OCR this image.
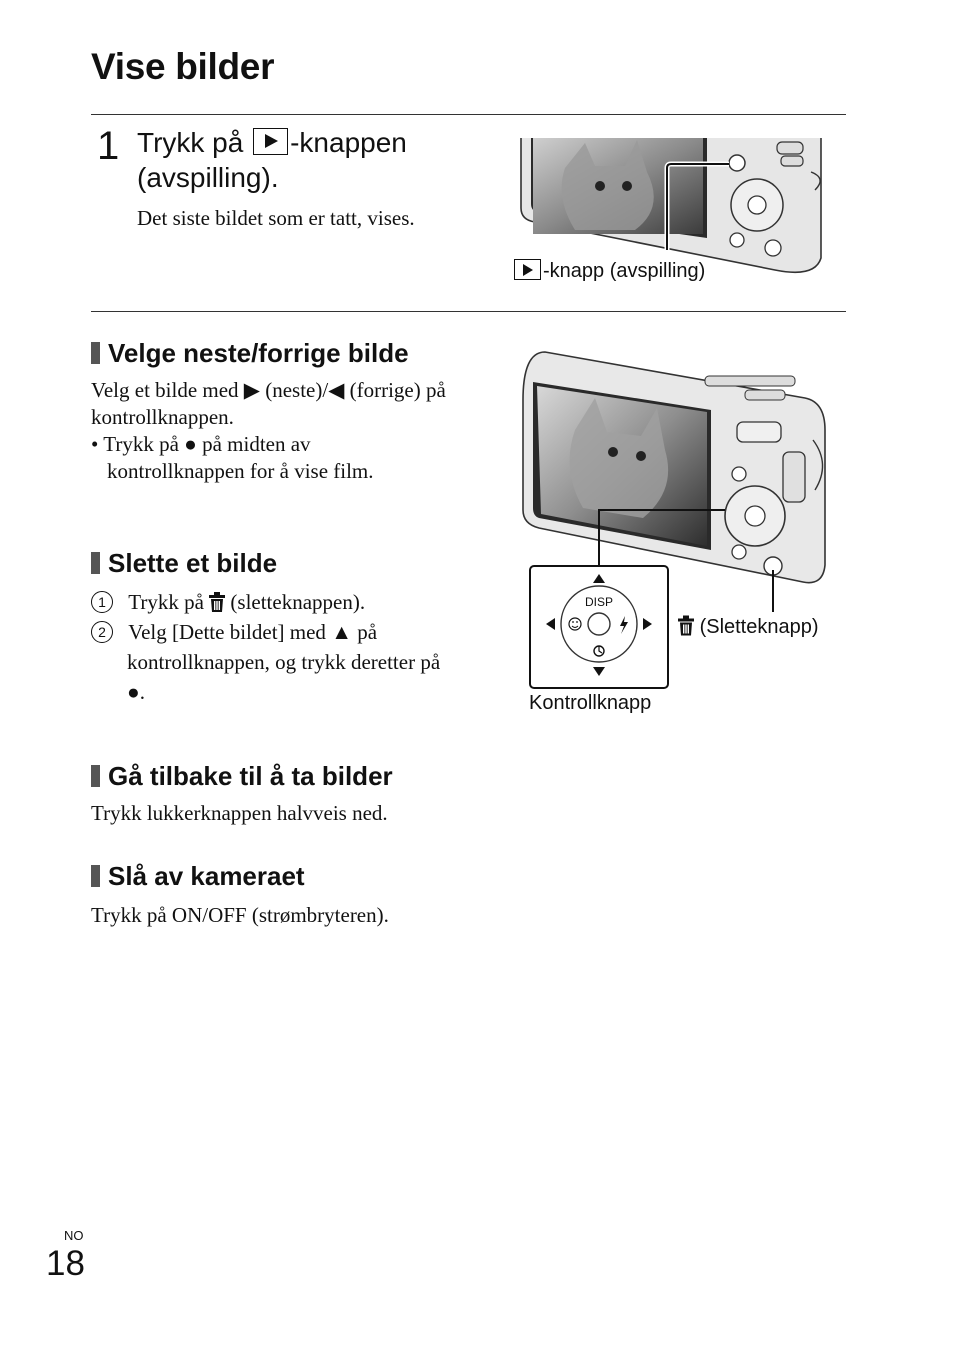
Vise bilder
1 Trykk på -knappen
(avspilling).
Det siste bildet som er tatt, vises.
-knapp (avspilling)
Velge neste/forrige bilde
Velg et bilde med ▶ (neste)/◀ (forrige) på
kontrollknappen.
• Trykk på ● på midten av
kontrollknappen for å vise film.
Slette et bilde
1 Trykk på (sletteknappen).
2 Velg [Dette bildet] med ▲ på
kontrollknappen, og trykk deretter på
●.
DISP
(Sletteknapp)
Kontrollknapp
Gå tilbake til å ta bilder
Trykk lukkerknappen halvveis ned.
Slå av kameraet
Trykk på ON/OFF (strømbryteren).
NO
18
